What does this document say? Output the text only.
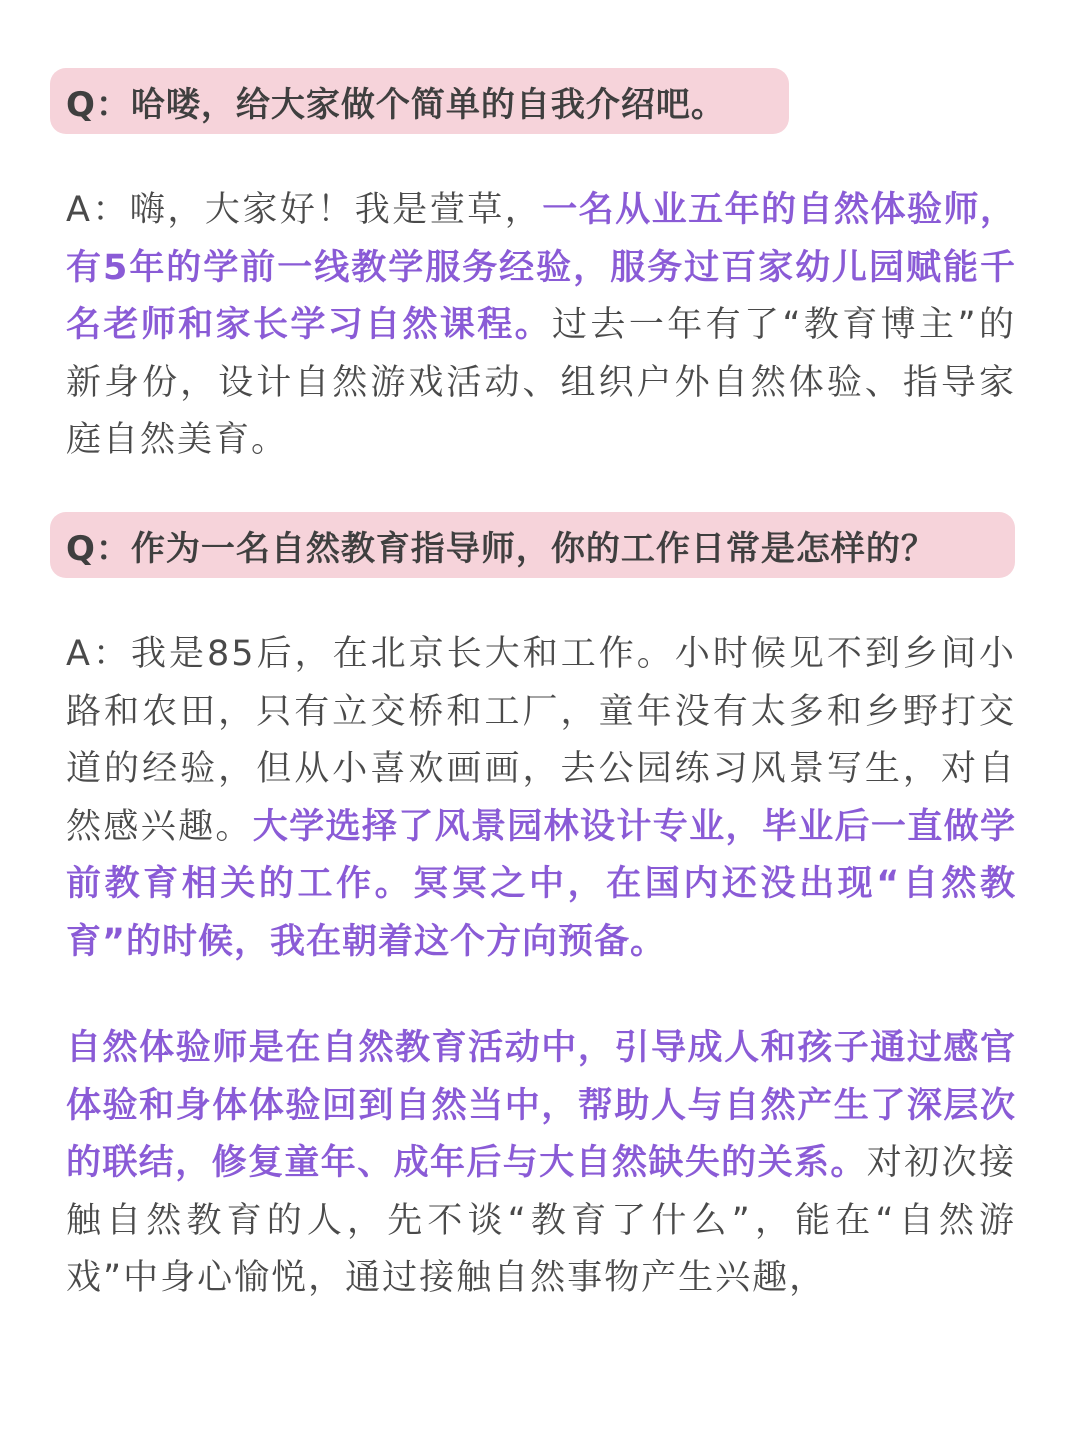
Q：哈喽，给大家做个简单的自我介绍吧。

A：嗨，大家好！我是萱草，一名从业五年的自然体验师，有5年的学前一线教学服务经验，服务过百家幼儿园赋能千名老师和家长学习自然课程。过去一年有了“教育博主”的新身份，设计自然游戏活动、组织户外自然体验、指导家庭自然美育。

Q：作为一名自然教育指导师，你的工作日常是怎样的？

A：我是85后，在北京长大和工作。小时候见不到乡间小路和农田，只有立交桥和工厂，童年没有太多和乡野打交道的经验，但从小喜欢画画，去公园练习风景写生，对自然感兴趣。大学选择了风景园林设计专业，毕业后一直做学前教育相关的工作。冥冥之中，在国内还没出现“自然教育”的时候，我在朝着这个方向预备。

自然体验师是在自然教育活动中，引导成人和孩子通过感官体验和身体体验回到自然当中，帮助人与自然产生了深层次的联结，修复童年、成年后与大自然缺失的关系。对初次接触自然教育的人，先不谈“教育了什么”，能在“自然游戏”中身心愉悦，通过接触自然事物产生兴趣，
